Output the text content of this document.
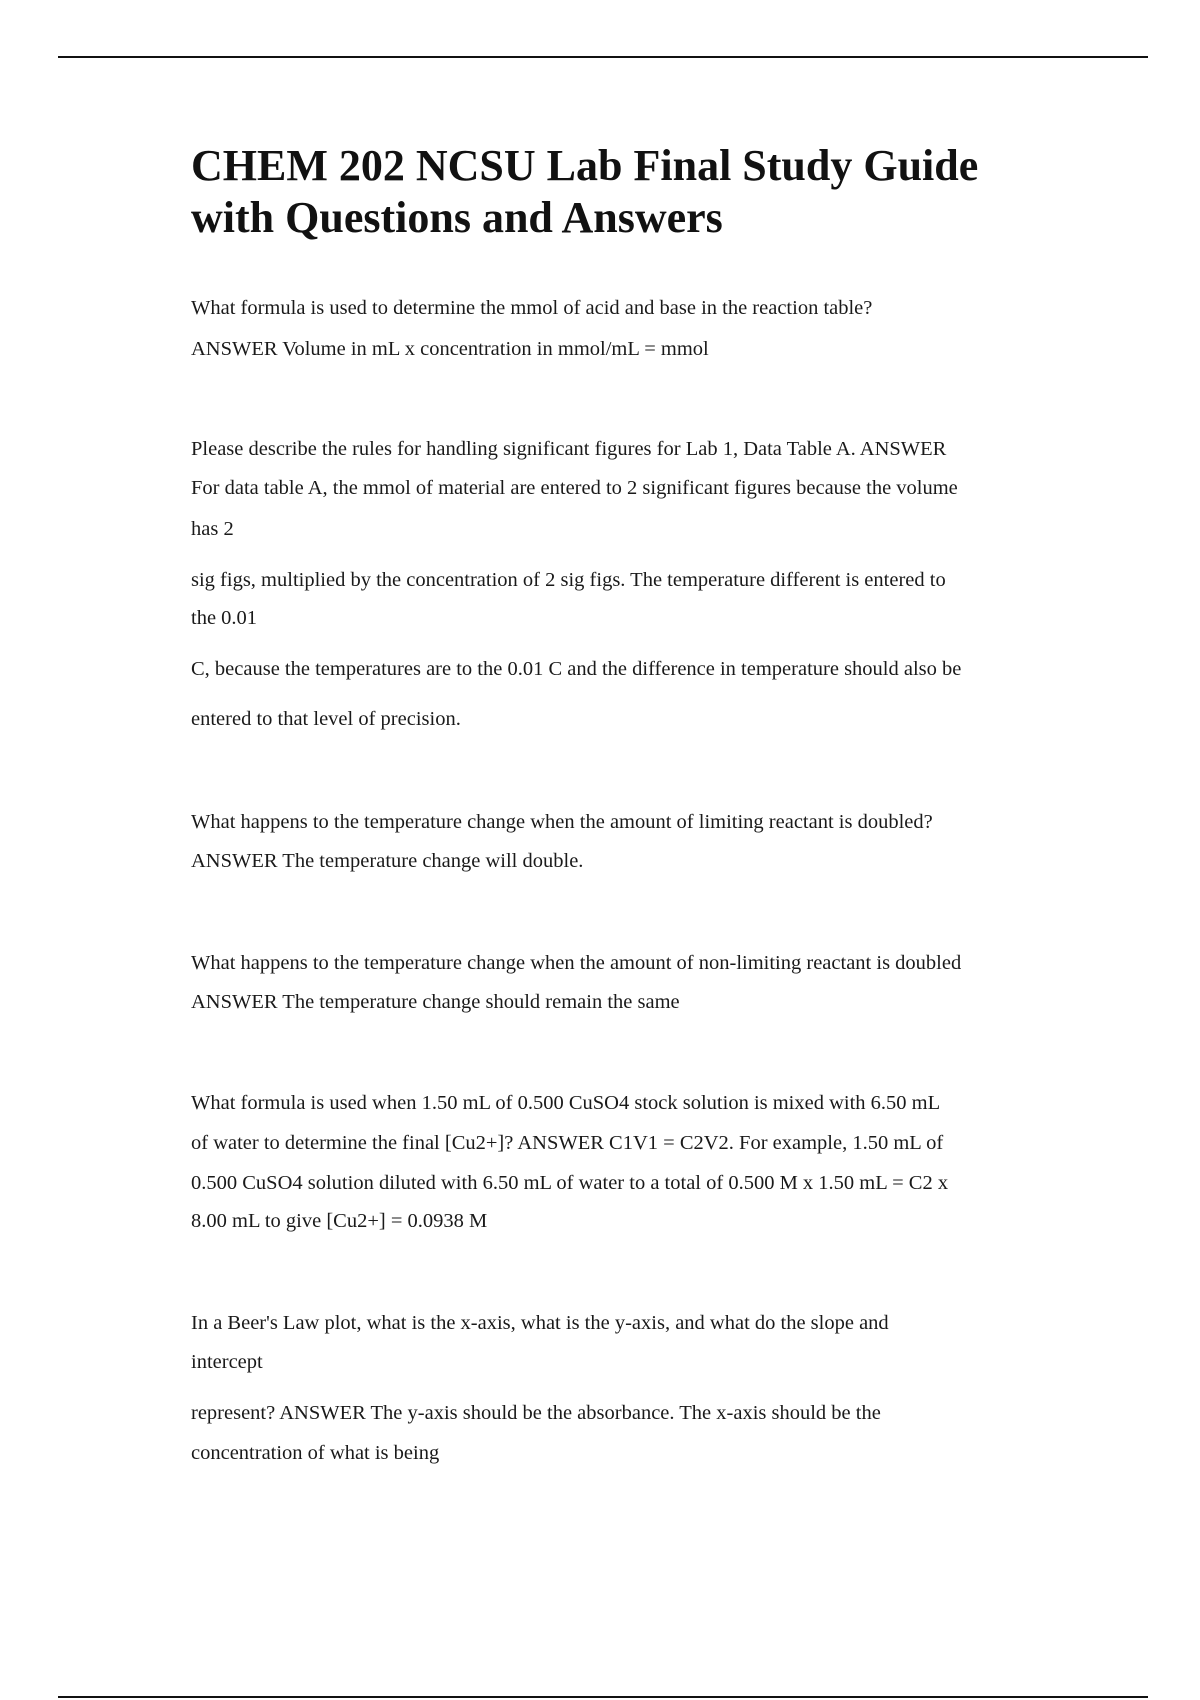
CHEM 202 NCSU Lab Final Study Guide
with Questions and Answers
What formula is used to determine the mmol of acid and base in the reaction table?
ANSWER Volume in mL x concentration in mmol/mL = mmol
Please describe the rules for handling significant figures for Lab 1, Data Table A. ANSWER
For data table A, the mmol of material are entered to 2 significant figures because the volume
has 2
sig figs, multiplied by the concentration of 2 sig figs. The temperature different is entered to
the 0.01
C, because the temperatures are to the 0.01 C and the difference in temperature should also be
entered to that level of precision.
What happens to the temperature change when the amount of limiting reactant is doubled?
ANSWER The temperature change will double.
What happens to the temperature change when the amount of non-limiting reactant is doubled
ANSWER The temperature change should remain the same
What formula is used when 1.50 mL of 0.500 CuSO4 stock solution is mixed with 6.50 mL
of water to determine the final [Cu2+]? ANSWER C1V1 = C2V2. For example, 1.50 mL of
0.500 CuSO4 solution diluted with 6.50 mL of water to a total of 0.500 M x 1.50 mL = C2 x
8.00 mL to give [Cu2+] = 0.0938 M
In a Beer's Law plot, what is the x-axis, what is the y-axis, and what do the slope and
intercept
represent? ANSWER The y-axis should be the absorbance. The x-axis should be the
concentration of what is being
